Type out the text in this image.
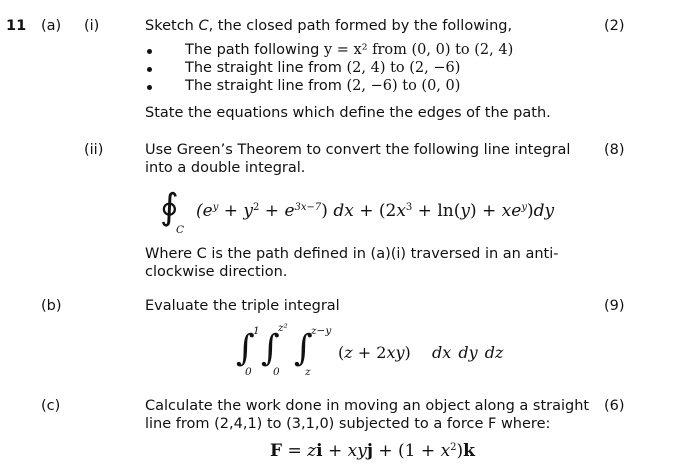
11 (a) (i)
(ii)
(b)
(c)
Sketch C, the closed path formed by the following,	(2)
The path following y = x² from (0, 0) to (2, 4)
The straight line from (2, 4) to (2, −6)
The straight line from (2, −6) to (0, 0)
State the equations which define the edges of the path.
Use Green’s Theorem to convert the following line integral
into a double integral.
(8)
∮
C
$(e^y + y^2 + e^{3x-7})$ dx + $(2x^3 + \ln(y) + xe^y)dy$
Where C is the path defined in (a)(i) traversed in an anti-
clockwise direction.
Evaluate the triple integral	(9)
∫
1
0
∫
z²
0
∫
z−y
z
(z + 2xy) dx dy dz
Calculate the work done in moving an object along a straight
line from (2,4,1) to (3,1,0) subjected to a force F where:
(6)
F = zi + xyj + $(1 + x^2)k$
